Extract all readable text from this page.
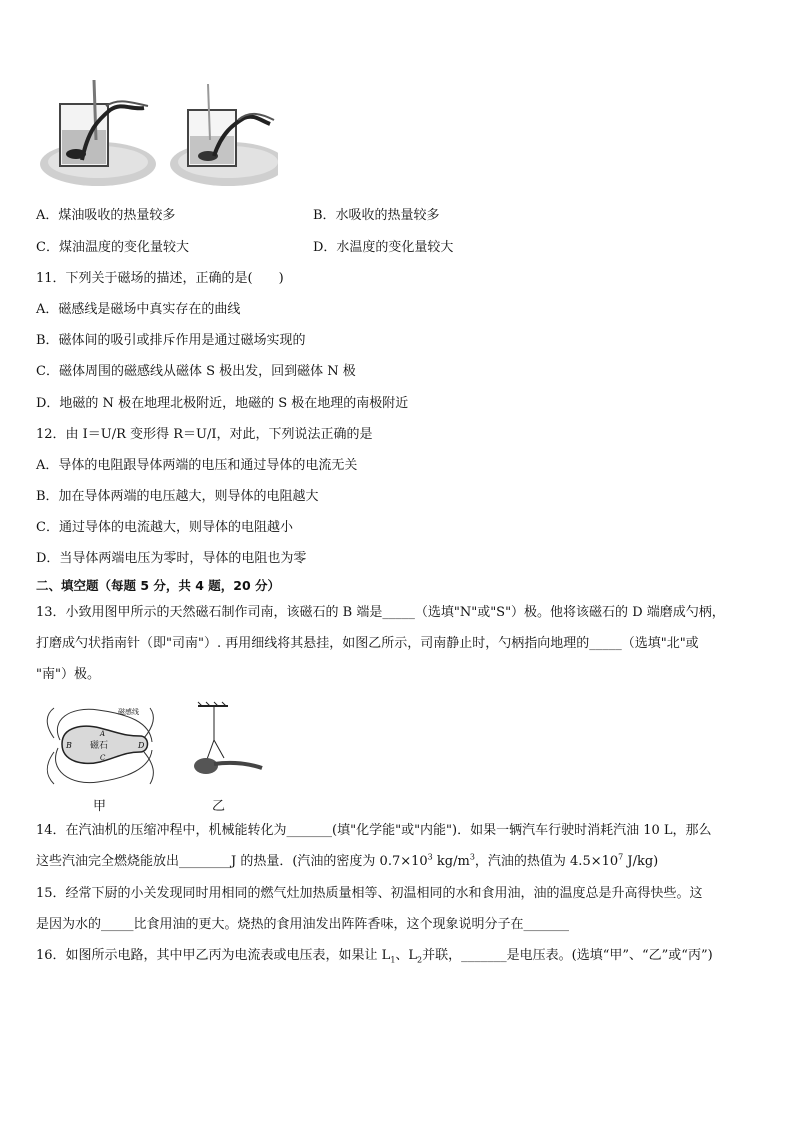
A．煤油吸收的热量较多	B．水吸收的热量较多
C．煤油温度的变化量较大	D．水温度的变化量较大
11．下列关于磁场的描述，正确的是(　　)
A．磁感线是磁场中真实存在的曲线
B．磁体间的吸引或排斥作用是通过磁场实现的
C．磁体周围的磁感线从磁体 S 极出发，回到磁体 N 极
D．地磁的 N 极在地理北极附近，地磁的 S 极在地理的南极附近
12．由 I＝U/R 变形得 R＝U/I，对此，下列说法正确的是
A．导体的电阻跟导体两端的电压和通过导体的电流无关
B．加在导体两端的电压越大，则导体的电阻越大
C．通过导体的电流越大，则导体的电阻越小
D．当导体两端电压为零时，导体的电阻也为零
二、填空题（每题 5 分，共 4 题，20 分）
13．小致用图甲所示的天然磁石制作司南，该磁石的 B 端是_____（选填"N"或"S"）极。他将该磁石的 D 端磨成勺柄，
打磨成勺状指南针（即"司南"）. 再用细线将其悬挂，如图乙所示，司南静止时，勺柄指向地理的_____（选填"北"或
"南"）极。
磁石
B	D
A
C
磁感线
甲	乙
14．在汽油机的压缩冲程中，机械能转化为_______(填"化学能"或"内能")．如果一辆汽车行驶时消耗汽油 10 L，那么
这些汽油完全燃烧能放出________J 的热量．(汽油的密度为 $0.7\times 10^3$ $kg/m^3$，汽油的热值为 $4.5\times 10^7$ J/kg)
15．经常下厨的小关发现同时用相同的燃气灶加热质量相等、初温相同的水和食用油，油的温度总是升高得快些。这
是因为水的_____比食用油的更大。烧热的食用油发出阵阵香味，这个现象说明分子在_______
16．如图所示电路，其中甲乙丙为电流表或电压表，如果让 $L_1$、$L_2$并联，_______是电压表。(选填“甲”、“乙”或“丙”)
